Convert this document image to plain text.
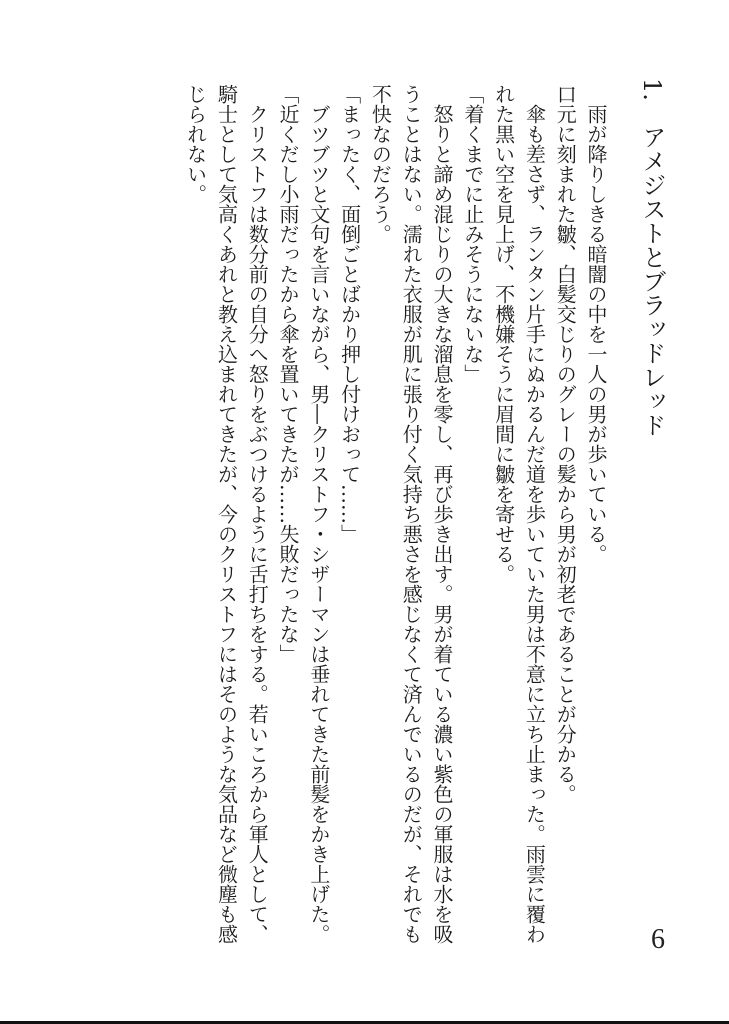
1.　アメジストとブラッドレッド

雨が降りしきる暗闇の中を一人の男が歩いている。

口元に刻まれた皺、白髪交じりのグレーの髪から男が初老であることが分かる。

傘も差さず、ランタン片手にぬかるんだ道を歩いていた男は不意に立ち止まった。雨雲に覆われた黒い空を見上げ、不機嫌そうに眉間に皺を寄せる。

「着くまでに止みそうにないな」

怒りと諦め混じりの大きな溜息を零し、再び歩き出す。男が着ている濃い紫色の軍服は水を吸うことはない。濡れた衣服が肌に張り付く気持ち悪さを感じなくて済んでいるのだが、それでも不快なのだろう。

「まったく、面倒ごとばかり押し付けおって……」

ブツブツと文句を言いながら、男―クリストフ・シザーマンは垂れてきた前髪をかき上げた。

「近くだし小雨だったから傘を置いてきたが……失敗だったな」

クリストフは数分前の自分へ怒りをぶつけるように舌打ちをする。若いころから軍人として、騎士として気高くあれと教え込まれてきたが、今のクリストフにはそのような気品など微塵も感じられない。

6
